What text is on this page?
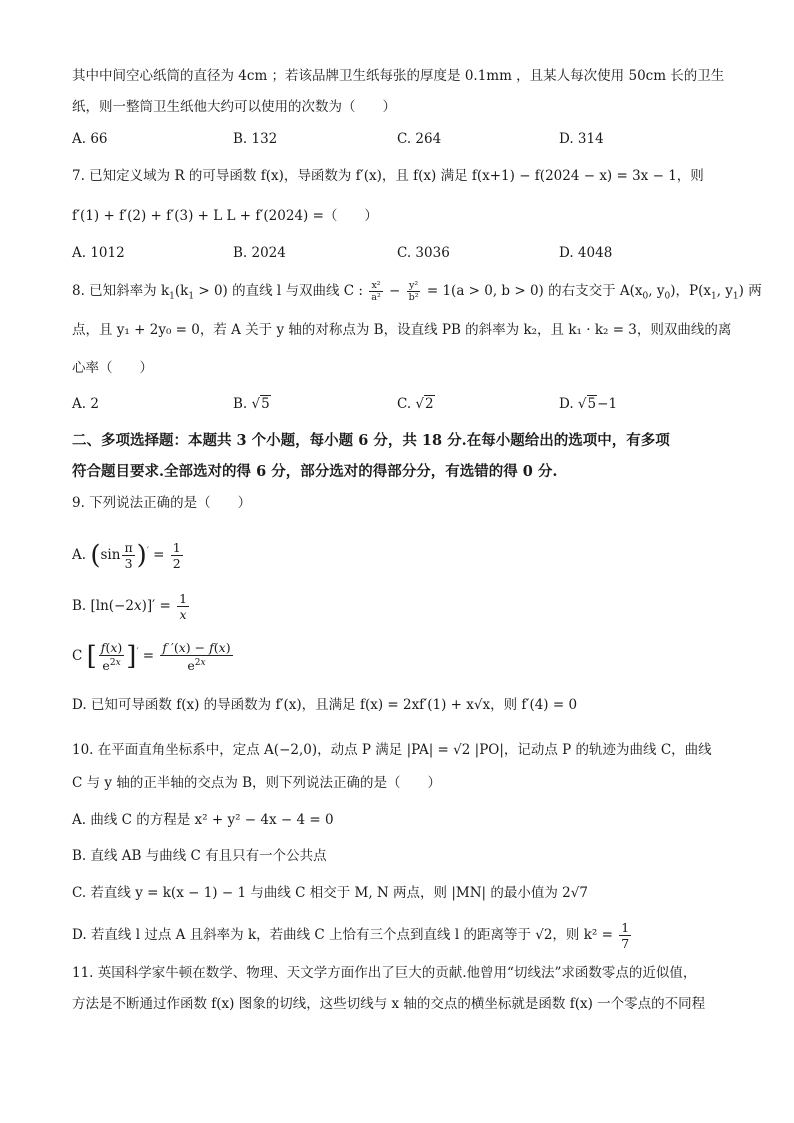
其中中间空心纸筒的直径为 4cm ；若该品牌卫生纸每张的厚度是 0.1mm ，且某人每次使用 50cm 长的卫生
纸，则一整筒卫生纸他大约可以使用的次数为（　　）
A. 66	B. 132	C. 264	D. 314
7. 已知定义域为 R 的可导函数 f(x)，导函数为 f′(x)，且 f(x) 满足 f(x+1) − f(2024 − x) = 3x − 1，则
f′(1) + f′(2) + f′(3) + L L + f′(2024) =（　　）
A. 1012	B. 2024	C. 3036	D. 4048
8. 已知斜率为 $k_1(k_1 > 0)$ 的直线 l 与双曲线 C : $\frac{\text{x²}}{\text{a²}} - \frac{\text{y²}}{\text{b²}} = 1(a > 0$, b > 0) 的右支交于 $A(x_0$, $y_0$)，$P(x_1$, $y_1$) 两
点，且 y₁ + 2y₀ = 0，若 A 关于 y 轴的对称点为 B，设直线 PB 的斜率为 k₂，且 k₁ · k₂ = 3，则双曲线的离
心率（　　）
A. 2	B. √5	C. √2	D. √5−1
二、多项选择题：本题共 3 个小题，每小题 6 分，共 18 分.在每小题给出的选项中，有多项
符合题目要求.全部选对的得 6 分，部分选对的得部分分，有选错的得 0 分.
9. 下列说法正确的是（　　）
A. $(\sin \frac{\pi}{3} )' = \frac{1}{2}$
B. $[\ln(-2x)]' = \frac{1}{x}$
C [ $\frac{f(x)}{e^{2x}} ]' = \frac{f '(x) - f(x)}{e^{2x}}$
D. 已知可导函数 f(x) 的导函数为 f′(x)，且满足 f(x) = 2xf′(1) + x√x，则 f′(4) = 0
10. 在平面直角坐标系中，定点 A(−2,0)，动点 P 满足 |PA| = √2 |PO|，记动点 P 的轨迹为曲线 C，曲线
C 与 y 轴的正半轴的交点为 B，则下列说法正确的是（　　）
A. 曲线 C 的方程是 x² + y² − 4x − 4 = 0
B. 直线 AB 与曲线 C 有且只有一个公共点
C. 若直线 y = k(x − 1) − 1 与曲线 C 相交于 M, N 两点，则 |MN| 的最小值为 2√7
D. 若直线 l 过点 A 且斜率为 k，若曲线 C 上恰有三个点到直线 l 的距离等于 √2，则 $k^2 = \frac{1}{7}$
11. 英国科学家牛顿在数学、物理、天文学方面作出了巨大的贡献.他曾用“切线法”求函数零点的近似值，
方法是不断通过作函数 f(x) 图象的切线，这些切线与 x 轴的交点的横坐标就是函数 f(x) 一个零点的不同程
